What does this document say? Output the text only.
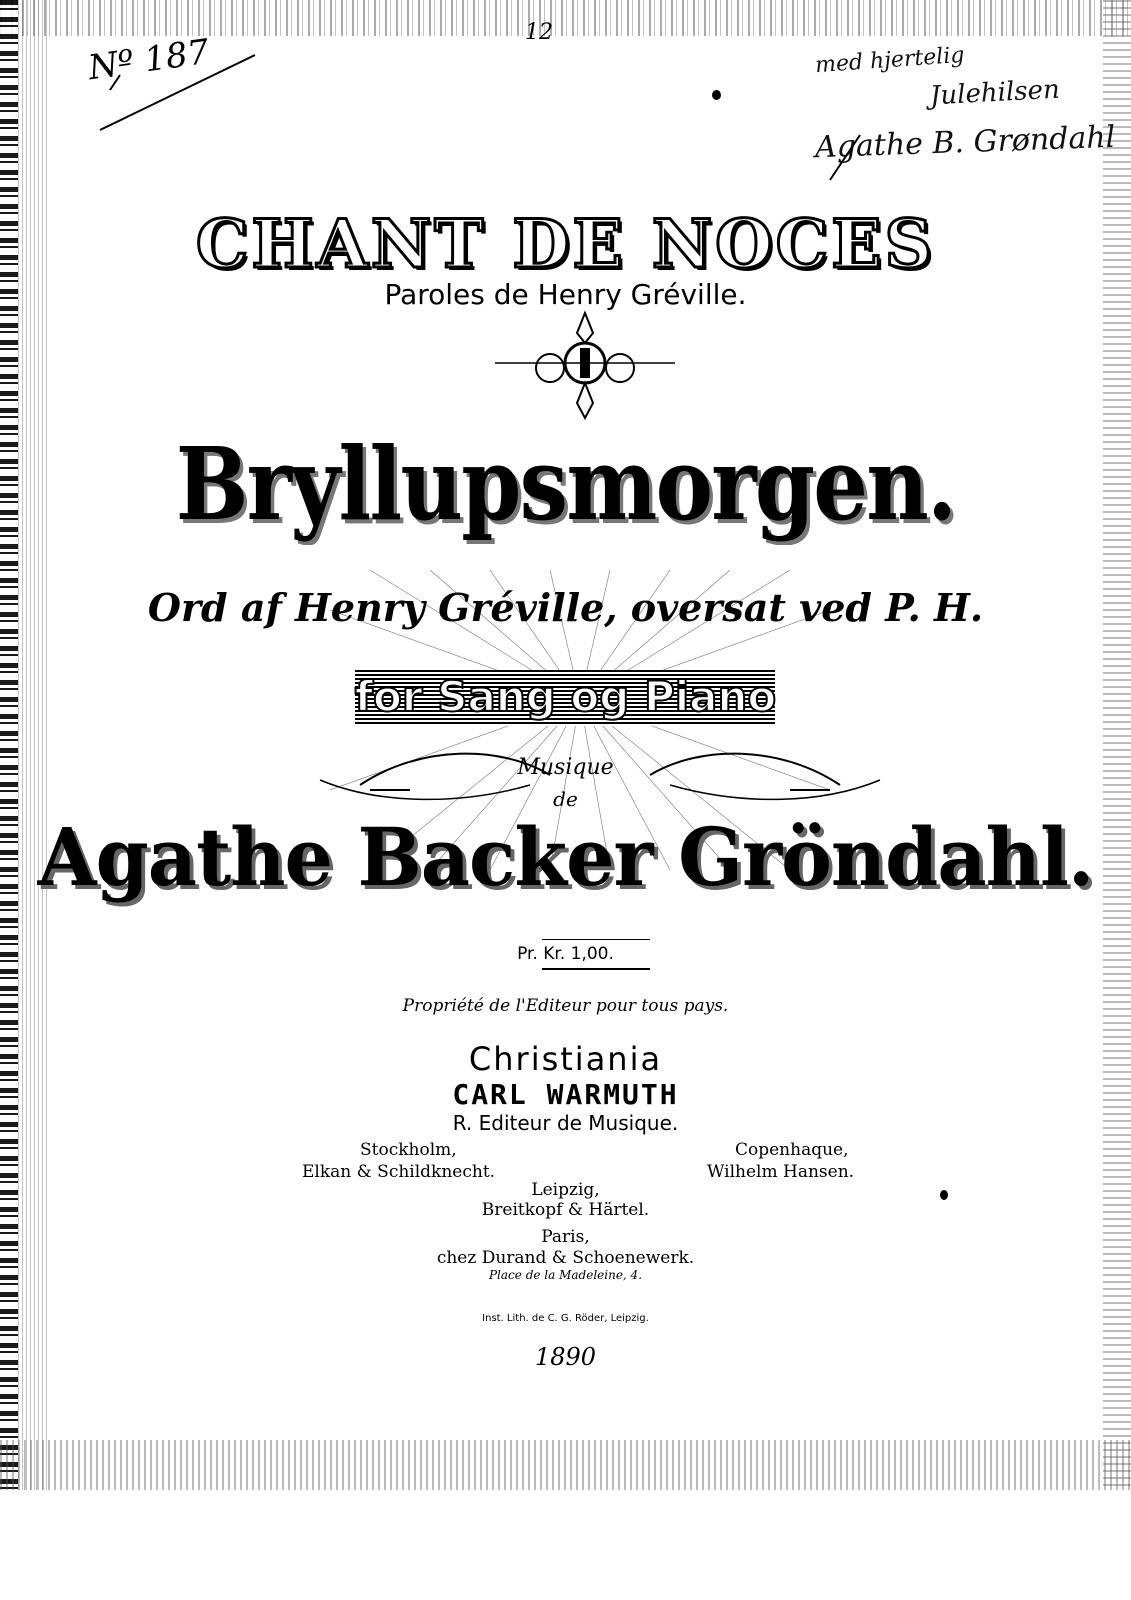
12
Nº 187	med hjertelig
Julehilsen
Agathe B. Grøndahl
CHANT DE NOCES
Paroles de Henry Gréville.
Bryllupsmorgen.
Ord af Henry Gréville, oversat ved P. H.
for Sang og Piano
Musique
de
Agathe Backer Gröndahl.
Pr. Kr. 1,00.
Propriété de l'Editeur pour tous pays.
Christiania
CARL WARMUTH
R. Editeur de Musique.
Stockholm,
Elkan & Schildknecht.
Copenhaque,
Wilhelm Hansen.
Leipzig,
Breitkopf & Härtel.
Paris,
chez Durand & Schoenewerk.
Place de la Madeleine, 4.
Inst. Lith. de C. G. Röder, Leipzig.
1890
